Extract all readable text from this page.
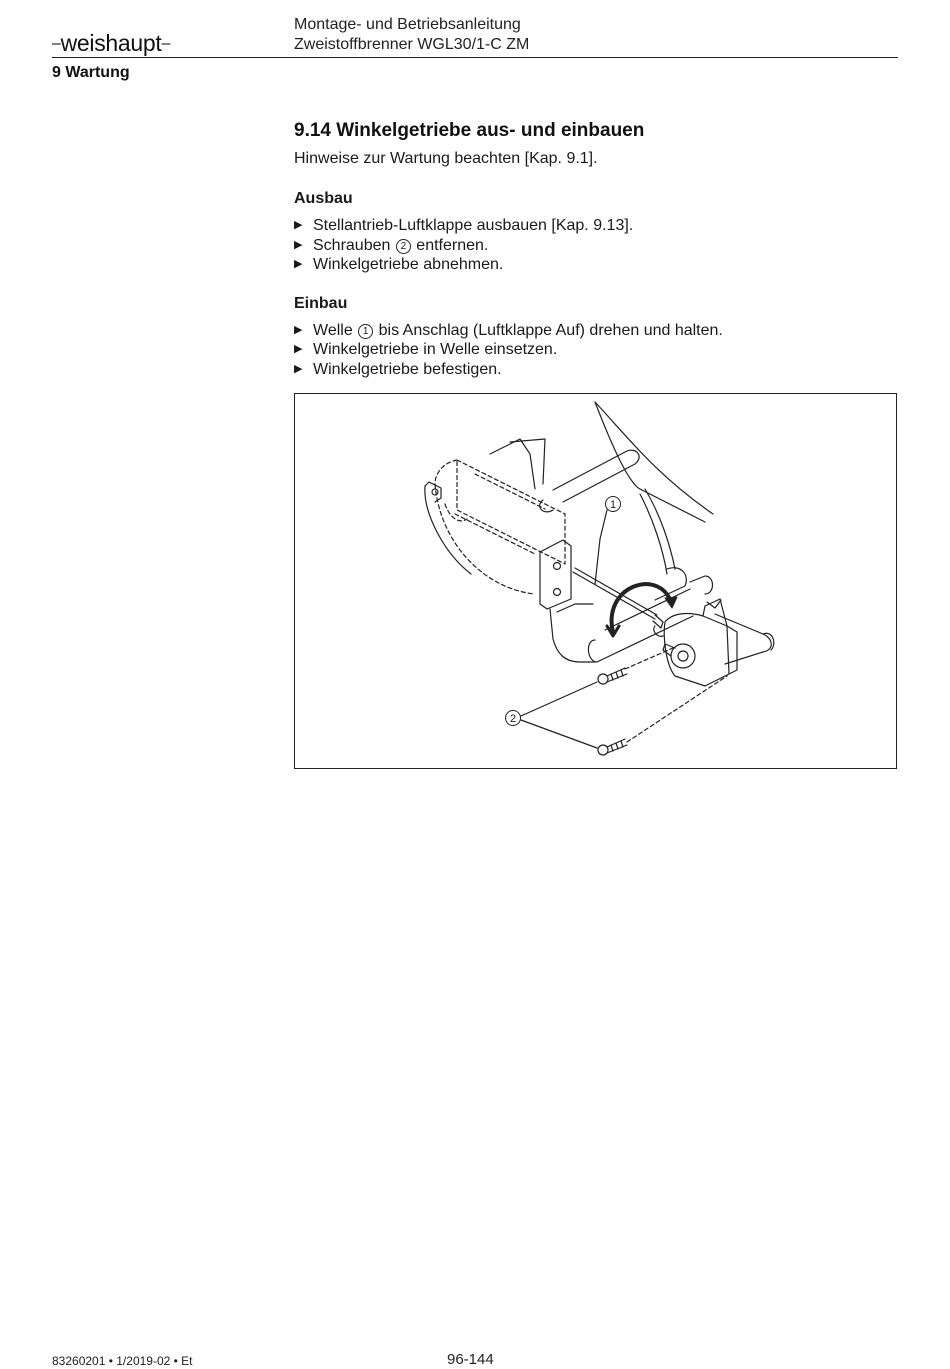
–weishaupt–
Montage- und Betriebsanleitung
Zweistoffbrenner WGL30/1-C ZM
9 Wartung
9.14 Winkelgetriebe aus- und einbauen

Hinweise zur Wartung beachten [Kap. 9.1].

Ausbau
▶ Stellantrieb-Luftklappe ausbauen [Kap. 9.13].
▶ Schrauben 2 entfernen.
▶ Winkelgetriebe abnehmen.
Einbau
▶ Welle 1 bis Anschlag (Luftklappe Auf) drehen und halten.
▶ Winkelgetriebe in Welle einsetzen.
▶ Winkelgetriebe befestigen.
1
2
83260201 • 1/2019-02 • Et	96-144
